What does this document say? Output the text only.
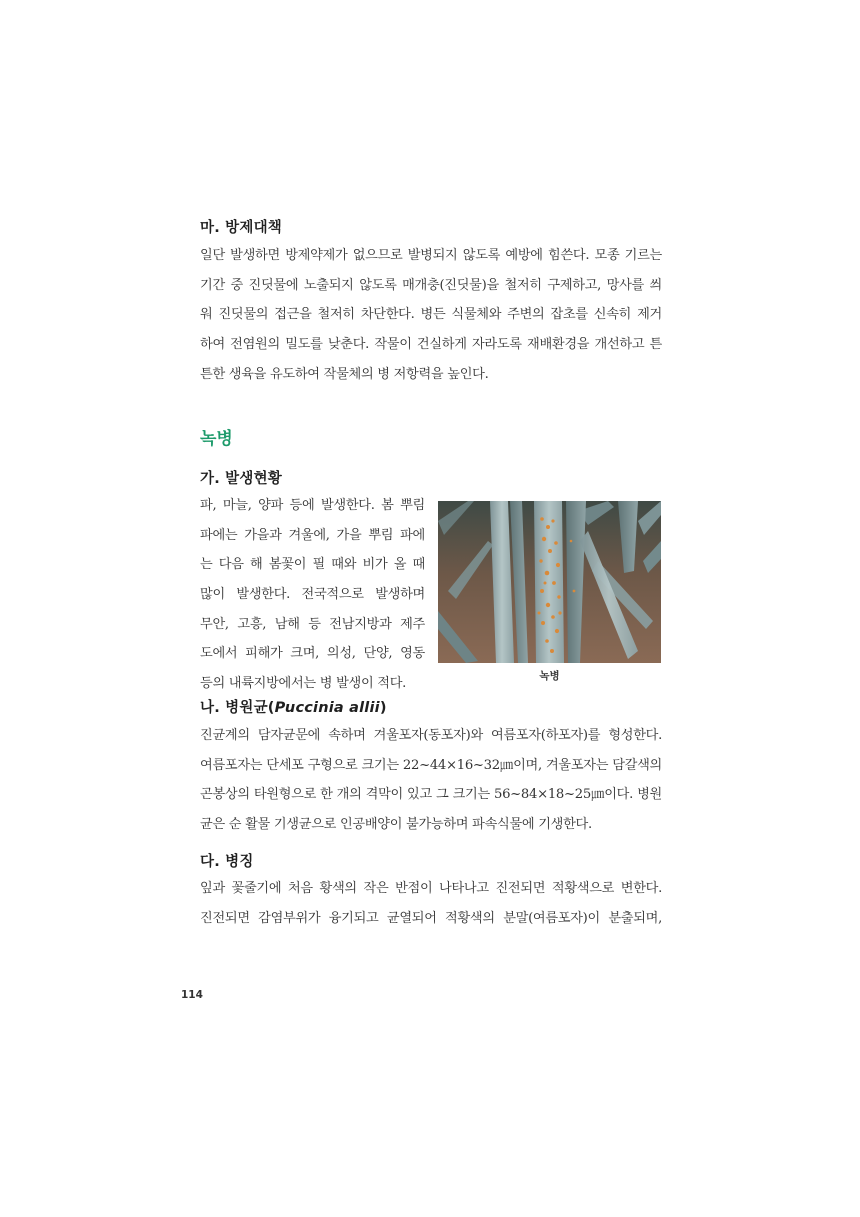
마. 방제대책
일단 발생하면 방제약제가 없으므로 발병되지 않도록 예방에 힘쓴다. 모종 기르는
기간 중 진딧물에 노출되지 않도록 매개충(진딧물)을 철저히 구제하고, 망사를 씌
워 진딧물의 접근을 철저히 차단한다. 병든 식물체와 주변의 잡초를 신속히 제거
하여 전염원의 밀도를 낮춘다. 작물이 건실하게 자라도록 재배환경을 개선하고 튼
튼한 생육을 유도하여 작물체의 병 저항력을 높인다.
녹병
가. 발생현황
파, 마늘, 양파 등에 발생한다. 봄 뿌림
파에는 가을과 겨울에, 가을 뿌림 파에
는 다음 해 봄꽃이 필 때와 비가 올 때
많이 발생한다. 전국적으로 발생하며
무안, 고흥, 남해 등 전남지방과 제주
도에서 피해가 크며, 의성, 단양, 영동
등의 내륙지방에서는 병 발생이 적다.

녹병

나. 병원균(Puccinia allii)
진균계의 담자균문에 속하며 겨울포자(동포자)와 여름포자(하포자)를 형성한다.
여름포자는 단세포 구형으로 크기는 22~44×16~32㎛이며, 겨울포자는 담갈색의
곤봉상의 타원형으로 한 개의 격막이 있고 그 크기는 56~84×18~25㎛이다. 병원
균은 순 활물 기생균으로 인공배양이 불가능하며 파속식물에 기생한다.
다. 병징
잎과 꽃줄기에 처음 황색의 작은 반점이 나타나고 진전되면 적황색으로 변한다.
진전되면 감염부위가 융기되고 균열되어 적황색의 분말(여름포자)이 분출되며,

114
